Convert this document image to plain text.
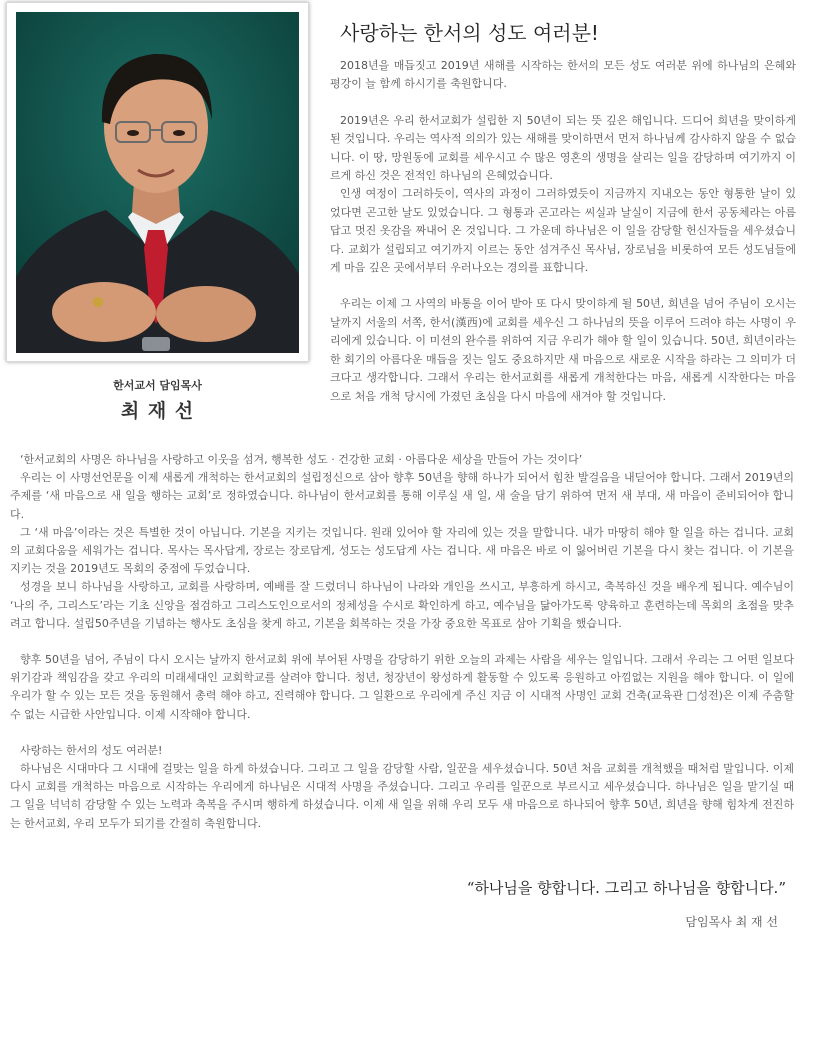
한서교서 담임목사
최 재 선
사랑하는 한서의 성도 여러분!

2018년을 매듭짓고 2019년 새해를 시작하는 한서의 모든 성도 여러분 위에 하나님의 은혜와 평강이 늘 함께 하시기를 축원합니다.

2019년은 우리 한서교회가 설립한 지 50년이 되는 뜻 깊은 해입니다. 드디어 희년을 맞이하게 된 것입니다. 우리는 역사적 의의가 있는 새해를 맞이하면서 먼저 하나님께 감사하지 않을 수 없습니다. 이 땅, 망원동에 교회를 세우시고 수 많은 영혼의 생명을 살리는 일을 감당하며 여기까지 이르게 하신 것은 전적인 하나님의 은혜었습니다.

인생 여정이 그러하듯이, 역사의 과정이 그러하였듯이 지금까지 지내오는 동안 형통한 날이 있었다면 곤고한 날도 있었습니다. 그 형통과 곤고라는 씨실과 날실이 지금에 한서 공동체라는 아름답고 멋진 옷감을 짜내어 온 것입니다. 그 가운데 하나님은 이 일을 감당할 헌신자들을 세우셨습니다. 교회가 설립되고 여기까지 이르는 동안 섬겨주신 목사님, 장로님을 비롯하여 모든 성도님들에게 마음 깊은 곳에서부터 우러나오는 경의를 표합니다.

우리는 이제 그 사역의 바통을 이어 받아 또 다시 맞이하게 될 50년, 희년을 넘어 주님이 오시는 날까지 서울의 서쪽, 한서(漢西)에 교회를 세우신 그 하나님의 뜻을 이루어 드려야 하는 사명이 우리에게 있습니다. 이 미션의 완수를 위하여 지금 우리가 해야 할 일이 있습니다. 50년, 희년이라는 한 회기의 아름다운 매듭을 짓는 일도 중요하지만 새 마음으로 새로운 시작을 하라는 그 의미가 더 크다고 생각합니다. 그래서 우리는 한서교회를 새롭게 개척한다는 마음, 새롭게 시작한다는 마음으로 처음 개척 당시에 가졌던 초심을 다시 마음에 새겨야 할 것입니다.

‘한서교회의 사명은 하나님을 사랑하고 이웃을 섬겨, 행복한 성도 · 건강한 교회 · 아름다운 세상을 만들어 가는 것이다’

우리는 이 사명선언문을 이제 새롭게 개척하는 한서교회의 설립정신으로 삼아 향후 50년을 향해 하나가 되어서 힘찬 발걸음을 내딛어야 합니다. 그래서 2019년의 주제를 ‘새 마음으로 새 일을 행하는 교회’로 정하였습니다. 하나님이 한서교회를 통해 이루실 새 일, 새 술을 담기 위하여 먼저 새 부대, 새 마음이 준비되어야 합니다.

그 ‘새 마음’이라는 것은 특별한 것이 아닙니다. 기본을 지키는 것입니다. 원래 있어야 할 자리에 있는 것을 말합니다. 내가 마땅히 해야 할 일을 하는 겁니다. 교회의 교회다움을 세워가는 겁니다. 목사는 목사답게, 장로는 장로답게, 성도는 성도답게 사는 겁니다. 새 마음은 바로 이 잃어버린 기본을 다시 찾는 겁니다. 이 기본을 지키는 것을 2019년도 목회의 중점에 두었습니다.

성경을 보니 하나님을 사랑하고, 교회를 사랑하며, 예배를 잘 드렸더니 하나님이 나라와 개인을 쓰시고, 부흥하게 하시고, 축복하신 것을 배우게 됩니다. 예수님이 ‘나의 주, 그리스도’라는 기초 신앙을 점검하고 그리스도인으로서의 정체성을 수시로 확인하게 하고, 예수님을 닮아가도록 양육하고 훈련하는데 목회의 초점을 맞추려고 합니다. 설립50주년을 기념하는 행사도 초심을 찾게 하고, 기본을 회복하는 것을 가장 중요한 목표로 삼아 기획을 했습니다.

향후 50년을 넘어, 주님이 다시 오시는 날까지 한서교회 위에 부어된 사명을 감당하기 위한 오늘의 과제는 사람을 세우는 일입니다. 그래서 우리는 그 어떤 일보다 위기감과 책임감을 갖고 우리의 미래세대인 교회학교를 살려야 합니다. 청년, 청장년이 왕성하게 활동할 수 있도록 응원하고 아낌없는 지원을 해야 합니다. 이 일에 우리가 할 수 있는 모든 것을 동원해서 총력 해야 하고, 진력해야 합니다. 그 일환으로 우리에게 주신 지금 이 시대적 사명인 교회 건축(교육관 □성전)은 이제 주춤할 수 없는 시급한 사안입니다. 이제 시작해야 합니다.

사랑하는 한서의 성도 여러분!

하나님은 시대마다 그 시대에 걸맞는 일을 하게 하셨습니다. 그리고 그 일을 감당할 사람, 일꾼을 세우셨습니다. 50년 처음 교회를 개척했을 때처럼 말입니다. 이제 다시 교회를 개척하는 마음으로 시작하는 우리에게 하나님은 시대적 사명을 주셨습니다. 그리고 우리를 일꾼으로 부르시고 세우셨습니다. 하나님은 일을 맡기실 때 그 일을 넉넉히 감당할 수 있는 노력과 축복을 주시며 행하게 하셨습니다. 이제 새 일을 위해 우리 모두 새 마음으로 하나되어 향후 50년, 희년을 향해 힘차게 전진하는 한서교회, 우리 모두가 되기를 간절히 축원합니다.

“하나님을 향합니다. 그리고 하나님을 향합니다.”
담임목사 최 재 선
